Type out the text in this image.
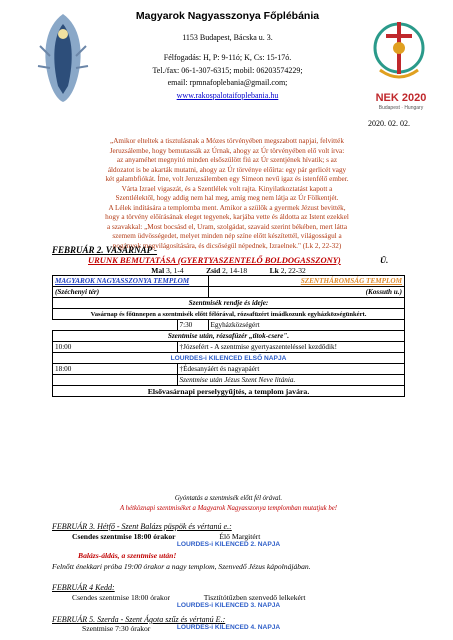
Magyarok Nagyasszonya Főplébánia
1153 Budapest, Bácska u. 3.
Félfogadás: H, P: 9-11ó; K, Cs: 15-17ó.
Tel./fax: 06-1-307-6315; mobil: 06203574229;
email: rpmnafoplebania@gmail.com;
www.rakospalotaifoplebania.hu	NEK 2020
Budapest · Hungary
2020. 02. 02.
„Amikor elteltek a tisztulásnak a Mózes törvényében megszabott napjai, felvitték
Jeruzsálembe, hogy bemutassák az Úrnak, ahogy az Úr törvényében elő volt írva:
az anyaméhet megnyitó minden elsőszülött fiú az Úr szentjének hívatik; s az
áldozatot is be akarták mutatni, ahogy az Úr törvénye előírta: egy pár gerlicét vagy
két galambfiókát. Íme, volt Jeruzsálemben egy Simeon nevű igaz és istenfélő ember.
Várta Izrael vigaszát, és a Szentlélek volt rajta. Kinyilatkoztatást kapott a
Szentlélektől, hogy addig nem hal meg, amíg meg nem látja az Úr Fölkentjét.
A Lélek indítására a templomba ment. Amikor a szülők a gyermek Jézust bevitték,
hogy a törvény előírásának eleget tegyenek, karjába vette és áldotta az Istent ezekkel
a szavakkal: „Most bocsásd el, Uram, szolgádat, szavaid szerint békében, mert látta
szemem üdvösségedet, melyet minden nép színe előtt készítettél, világosságul a
pogányok megvilágosítására, és dicsőségül népednek, Izraelnek." (Lk 2, 22-32)
FEBRUÁR 2. VASÁRNAP -
URUNK BEMUTATÁSA (GYERTYASZENTELŐ BOLDOGASSZONY)	Ü.
Mal 3, 1-4	Zsid 2, 14-18	Lk 2, 22-32
MAGYAROK NAGYASSZONYA TEMPLOM		SZENTHÁROMSÁG TEMPLOM
(Széchenyi tér)		(Kossuth u.)
Szentmisék rendje és ideje:		
Vasárnap és főünnepen a szentmisék előtt félórával, rózsafüzért imádkozunk egyházközségünkért.		
	7:30	Egyházközségért
Szentmise után, rózsafüzér „titok-csere".		
10:00	†Józsefért - A szentmise gyertyaszenteléssel kezdődik!	
LOURDES-i KILENCED ELSŐ NAPJA		
18:00	†Édesanyáért és nagyapáért	
	Szentmise után Jézus Szent Neve litánia.	
Elsővasárnapi perselygyűjtés, a templom javára.		
Gyóntatás a szentmisék előtt fél órával.
A hétköznapi szentmiséket a Magyarok Nagyasszonya templomban mutatjuk be!
FEBRUÁR 3. Hétfő - Szent Balázs püspök és vértanú e.:
Csendes szentmise 18:00 órakor	Élő Margitért
LOURDES-i KILENCED 2. NAPJA
Balázs-áldás, a szentmise után!
Felnőtt énekkari próba 19:00 órakor a nagy templom, Szenvedő Jézus kápolnájában.
FEBRUÁR 4 Kedd:
Csendes szentmise 18:00 órakor	Tisztítótűzben szenvedő lelkekért
LOURDES-i KILENCED 3. NAPJA
FEBRUÁR 5. Szerda - Szent Ágota szűz és vértanú E.:
Szentmise 7:30 órakor	LOURDES-i KILENCED 4. NAPJA
